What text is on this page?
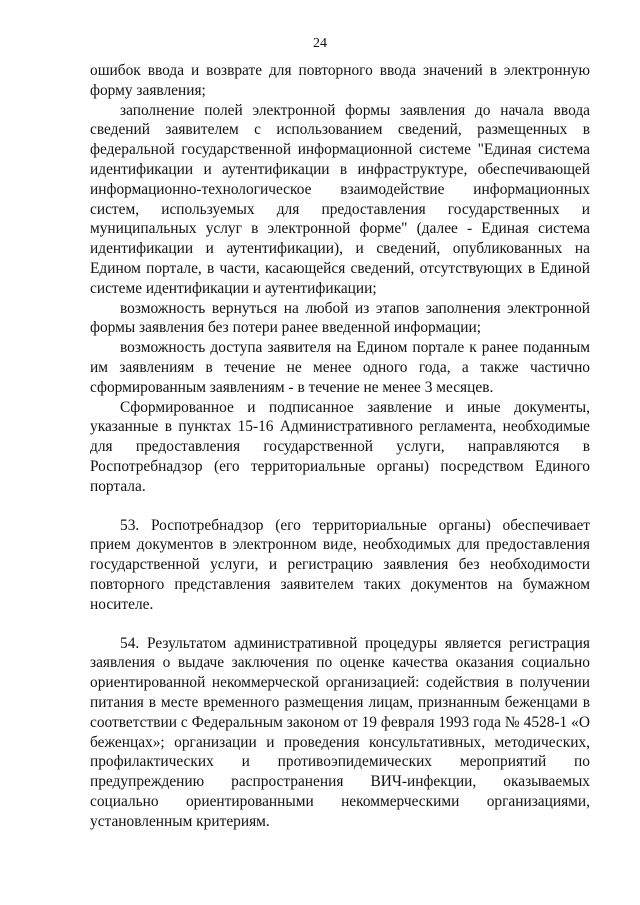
24

ошибок ввода и возврате для повторного ввода значений в электронную форму заявления;

заполнение полей электронной формы заявления до начала ввода сведений заявителем с использованием сведений, размещенных в федеральной государственной информационной системе "Единая система идентификации и аутентификации в инфраструктуре, обеспечивающей информационно-технологическое взаимодействие информационных систем, используемых для предоставления государственных и муниципальных услуг в электронной форме" (далее - Единая система идентификации и аутентификации), и сведений, опубликованных на Едином портале, в части, касающейся сведений, отсутствующих в Единой системе идентификации и аутентификации;

возможность вернуться на любой из этапов заполнения электронной формы заявления без потери ранее введенной информации;

возможность доступа заявителя на Едином портале к ранее поданным им заявлениям в течение не менее одного года, а также частично сформированным заявлениям - в течение не менее 3 месяцев.

Сформированное и подписанное заявление и иные документы, указанные в пунктах 15-16 Административного регламента, необходимые для предоставления государственной услуги, направляются в Роспотребнадзор (его территориальные органы) посредством Единого портала.

53. Роспотребнадзор (его территориальные органы) обеспечивает прием документов в электронном виде, необходимых для предоставления государственной услуги, и регистрацию заявления без необходимости повторного представления заявителем таких документов на бумажном носителе.

54. Результатом административной процедуры является регистрация заявления о выдаче заключения по оценке качества оказания социально ориентированной некоммерческой организацией: содействия в получении питания в месте временного размещения лицам, признанным беженцами в соответствии с Федеральным законом от 19 февраля 1993 года № 4528-1 «О беженцах»; организации и проведения консультативных, методических, профилактических и противоэпидемических мероприятий по предупреждению распространения ВИЧ-инфекции, оказываемых социально ориентированными некоммерческими организациями, установленным критериям.
